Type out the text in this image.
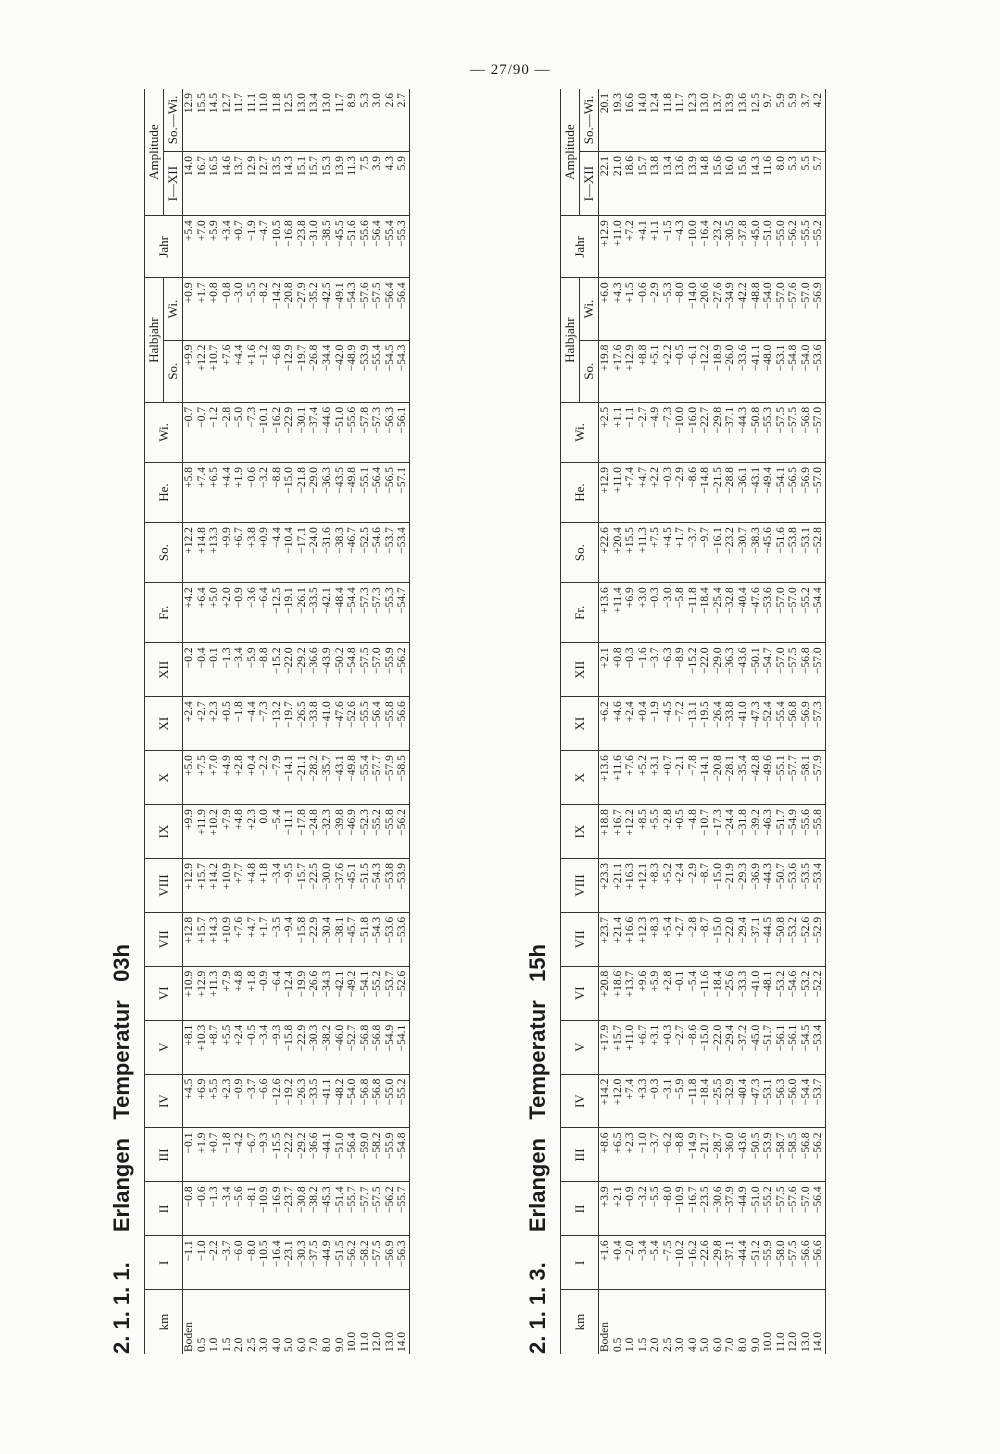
— 27/90 —
2. 1. 1. 1. Erlangen   Temperatur   03h
km	I	II	III	IV	V	VI	VII	VIII	IX	X	XI	XII	Fr.	So.	He.	Wi.	Halbjahr		Jahr	Amplitude	
																	So.	Wi.		I—XII	So.—Wi.
Boden	−1.1	−0.8	−0.1	+4.5	+8.1	+10.9	+12.8	+12.9	+9.9	+5.0	+2.4	−0.2	+4.2	+12.2	+5.8	−0.7	+9.9	+0.9	+5.4	14.0	12.9
0.5	−1.0	−0.6	+1.9	+6.9	+10.3	+12.9	+15.7	+15.7	+11.9	+7.5	+2.7	−0.4	+6.4	+14.8	+7.4	−0.7	+12.2	+1.7	+7.0	16.7	15.5
1.0	−2.2	−1.3	+0.7	+5.5	+8.7	+11.3	+14.3	+14.2	+10.2	+7.0	+2.3	−0.1	+5.0	+13.3	+6.5	−1.2	+10.7	+0.8	+5.9	16.5	14.5
1.5	−3.7	−3.4	−1.8	+2.3	+5.5	+7.9	+10.9	+10.9	+7.9	+4.9	+0.5	−1.3	+2.0	+9.9	+4.4	−2.8	+7.6	−0.8	+3.4	14.6	12.7
2.0	−6.0	−5.6	−4.2	−0.9	+2.4	+4.8	+7.6	+7.7	+4.8	+2.8	−1.8	−3.4	−0.9	+6.7	+1.9	−5.0	+4.4	−3.0	+0.7	13.7	11.7
2.5	−8.0	−8.1	−6.7	−3.7	−0.5	+1.8	+4.7	+4.8	+2.3	+0.4	−4.4	−5.9	−3.6	+3.8	−0.6	−7.3	+1.6	−5.5	−1.9	12.9	11.1
3.0	−10.5	−10.9	−9.3	−6.6	−3.4	−0.9	+1.7	+1.8	0.0	−2.2	−7.3	−8.8	−6.4	+0.9	−3.2	−10.1	−1.2	−8.2	−4.7	12.7	11.0
4.0	−16.4	−16.9	−15.5	−12.6	−9.3	−6.4	−3.5	−3.4	−5.4	−7.9	−13.2	−15.2	−12.5	−4.4	−8.8	−16.2	−6.8	−14.2	−10.5	13.5	11.8
5.0	−23.1	−23.7	−22.2	−19.2	−15.8	−12.4	−9.4	−9.5	−11.1	−14.1	−19.7	−22.0	−19.1	−10.4	−15.0	−22.9	−12.9	−20.8	−16.8	14.3	12.5
6.0	−30.3	−30.8	−29.2	−26.3	−22.9	−19.9	−15.8	−15.7	−17.8	−21.1	−26.5	−29.2	−26.1	−17.1	−21.8	−30.1	−19.7	−27.9	−23.8	15.1	13.0
7.0	−37.5	−38.2	−36.6	−33.5	−30.3	−26.6	−22.9	−22.5	−24.8	−28.2	−33.8	−36.6	−33.5	−24.0	−29.0	−37.4	−26.8	−35.2	−31.0	15.7	13.4
8.0	−44.9	−45.3	−44.1	−41.1	−38.2	−34.3	−30.4	−30.0	−32.3	−35.7	−41.0	−43.9	−42.1	−31.6	−36.3	−44.6	−34.4	−42.5	−38.5	15.3	13.0
9.0	−51.5	−51.4	−51.0	−48.2	−46.0	−42.1	−38.1	−37.6	−39.8	−43.1	−47.6	−50.2	−48.4	−38.3	−43.5	−51.0	−42.0	−49.1	−45.5	13.9	11.7
10.0	−56.2	−55.7	−56.4	−54.0	−52.7	−49.2	−45.7	−45.1	−46.9	−49.8	−52.6	−54.8	−54.4	−46.7	−49.8	−55.6	−48.9	−54.3	−51.6	11.3	8.9
11.0	−58.2	−57.7	−59.0	−56.8	−56.8	−54.1	−51.8	−51.5	−52.3	−55.4	−55.5	−57.5	−57.3	−52.5	−55.1	−57.8	−53.9	−57.6	−55.6	7.5	5.3
12.0	−57.5	−57.5	−58.2	−56.8	−56.8	−55.2	−54.3	−54.3	−55.2	−57.7	−56.4	−57.0	−57.3	−54.6	−56.4	−57.3	−55.4	−57.5	−56.4	3.9	3.0
13.0	−56.9	−56.2	−55.9	−55.0	−54.9	−53.7	−53.6	−53.8	−55.8	−57.9	−55.8	−55.9	−55.3	−53.7	−56.5	−56.3	−54.5	−56.4	−55.4	4.3	2.6
14.0	−56.3	−55.7	−54.8	−55.2	−54.1	−52.6	−53.6	−53.9	−56.2	−58.5	−56.6	−56.2	−54.7	−53.4	−57.1	−56.1	−54.3	−56.4	−55.3	5.9	2.7
2. 1. 1. 3. Erlangen   Temperatur   15h
km	I	II	III	IV	V	VI	VII	VIII	IX	X	XI	XII	Fr.	So.	He.	Wi.	Halbjahr		Jahr	Amplitude	
																	So.	Wi.		I—XII	So.—Wi.
Boden	+1.6	+3.9	+8.6	+14.2	+17.9	+20.8	+23.7	+23.3	+18.8	+13.6	+6.2	+2.1	+13.6	+22.6	+12.9	+2.5	+19.8	+6.0	+12.9	22.1	20.1
0.5	+0.4	+2.1	+6.5	+12.0	+15.7	+18.6	+21.4	+21.1	+16.7	+11.6	+4.6	+0.8	+11.4	+20.4	+11.0	+1.1	+17.6	+4.3	+11.0	21.0	19.3
1.0	−2.0	−0.9	+2.3	+7.4	+11.0	+13.7	+16.6	+16.3	+12.2	+7.6	+2.4	−0.3	+6.9	+15.5	+7.4	−1.1	+12.9	+1.5	+7.2	18.6	16.6
1.5	−3.4	−3.2	−1.0	+3.3	+6.7	+9.6	+12.3	+12.1	+8.5	+5.2	+0.4	−1.6	+3.0	+11.3	+4.7	−2.7	+8.8	−0.6	+4.1	15.7	14.0
2.0	−5.4	−5.5	−3.7	−0.3	+3.1	+5.9	+8.3	+8.3	+5.5	+3.1	−1.9	−3.7	−0.3	+7.5	+2.2	−4.9	+5.1	−2.9	+1.1	13.8	12.4
2.5	−7.5	−8.0	−6.2	−3.1	+0.3	+2.8	+5.4	+5.2	+2.8	+0.7	−4.5	−6.3	−3.0	+4.5	−0.3	−7.3	+2.2	−5.3	−1.5	13.4	11.8
3.0	−10.2	−10.9	−8.8	−5.9	−2.7	−0.1	+2.7	+2.4	+0.5	−2.1	−7.2	−8.9	−5.8	+1.7	−2.9	−10.0	−0.5	−8.0	−4.3	13.6	11.7
4.0	−16.2	−16.7	−14.9	−11.8	−8.6	−5.4	−2.8	−2.9	−4.8	−7.8	−13.1	−15.2	−11.8	−3.7	−8.6	−16.0	−6.1	−14.0	−10.0	13.9	12.3
5.0	−22.6	−23.5	−21.7	−18.4	−15.0	−11.6	−8.7	−8.7	−10.7	−14.1	−19.5	−22.0	−18.4	−9.7	−14.8	−22.7	−12.2	−20.6	−16.4	14.8	13.0
6.0	−29.8	−30.6	−28.7	−25.5	−22.0	−18.4	−15.0	−15.0	−17.3	−20.8	−26.4	−29.0	−25.4	−16.1	−21.5	−29.8	−18.9	−27.6	−23.2	15.6	13.7
7.0	−37.1	−37.9	−36.0	−32.9	−29.4	−25.6	−22.0	−21.9	−24.4	−28.1	−33.8	−36.3	−32.8	−23.2	−28.8	−37.1	−26.0	−34.9	−30.5	16.0	13.9
8.0	−44.4	−44.9	−43.6	−40.4	−37.2	−33.3	−29.4	−29.3	−31.8	−35.4	−41.0	−43.6	−40.4	−30.7	−36.1	−44.3	−33.6	−42.2	−37.8	15.6	13.6
9.0	−51.2	−51.0	−50.5	−47.3	−45.0	−41.0	−37.1	−36.9	−39.2	−42.8	−47.3	−50.1	−47.6	−38.3	−43.1	−50.8	−41.1	−48.8	−45.0	14.3	12.5
10.0	−55.9	−55.2	−53.9	−53.1	−51.7	−48.1	−44.5	−44.3	−46.3	−49.6	−52.4	−54.7	−53.6	−45.6	−49.4	−55.3	−48.0	−54.0	−51.0	11.6	9.7
11.0	−58.0	−57.5	−58.7	−56.3	−56.1	−53.2	−50.8	−50.7	−51.7	−55.1	−55.4	−57.0	−57.0	−51.6	−54.1	−57.5	−53.1	−57.0	−55.0	8.0	5.9
12.0	−57.5	−57.6	−58.5	−56.0	−56.1	−54.6	−53.2	−53.6	−54.9	−57.7	−56.8	−57.5	−57.0	−53.8	−56.5	−57.5	−54.8	−57.6	−56.2	5.3	5.9
13.0	−56.6	−57.0	−56.8	−54.4	−54.5	−53.2	−52.6	−53.5	−55.6	−58.1	−56.9	−56.8	−55.2	−53.1	−56.9	−56.8	−54.0	−57.0	−55.5	5.5	3.7
14.0	−56.6	−56.4	−56.2	−53.7	−53.4	−52.2	−52.9	−53.4	−55.8	−57.9	−57.3	−57.0	−54.4	−52.8	−57.0	−57.0	−53.6	−56.9	−55.2	5.7	4.2
